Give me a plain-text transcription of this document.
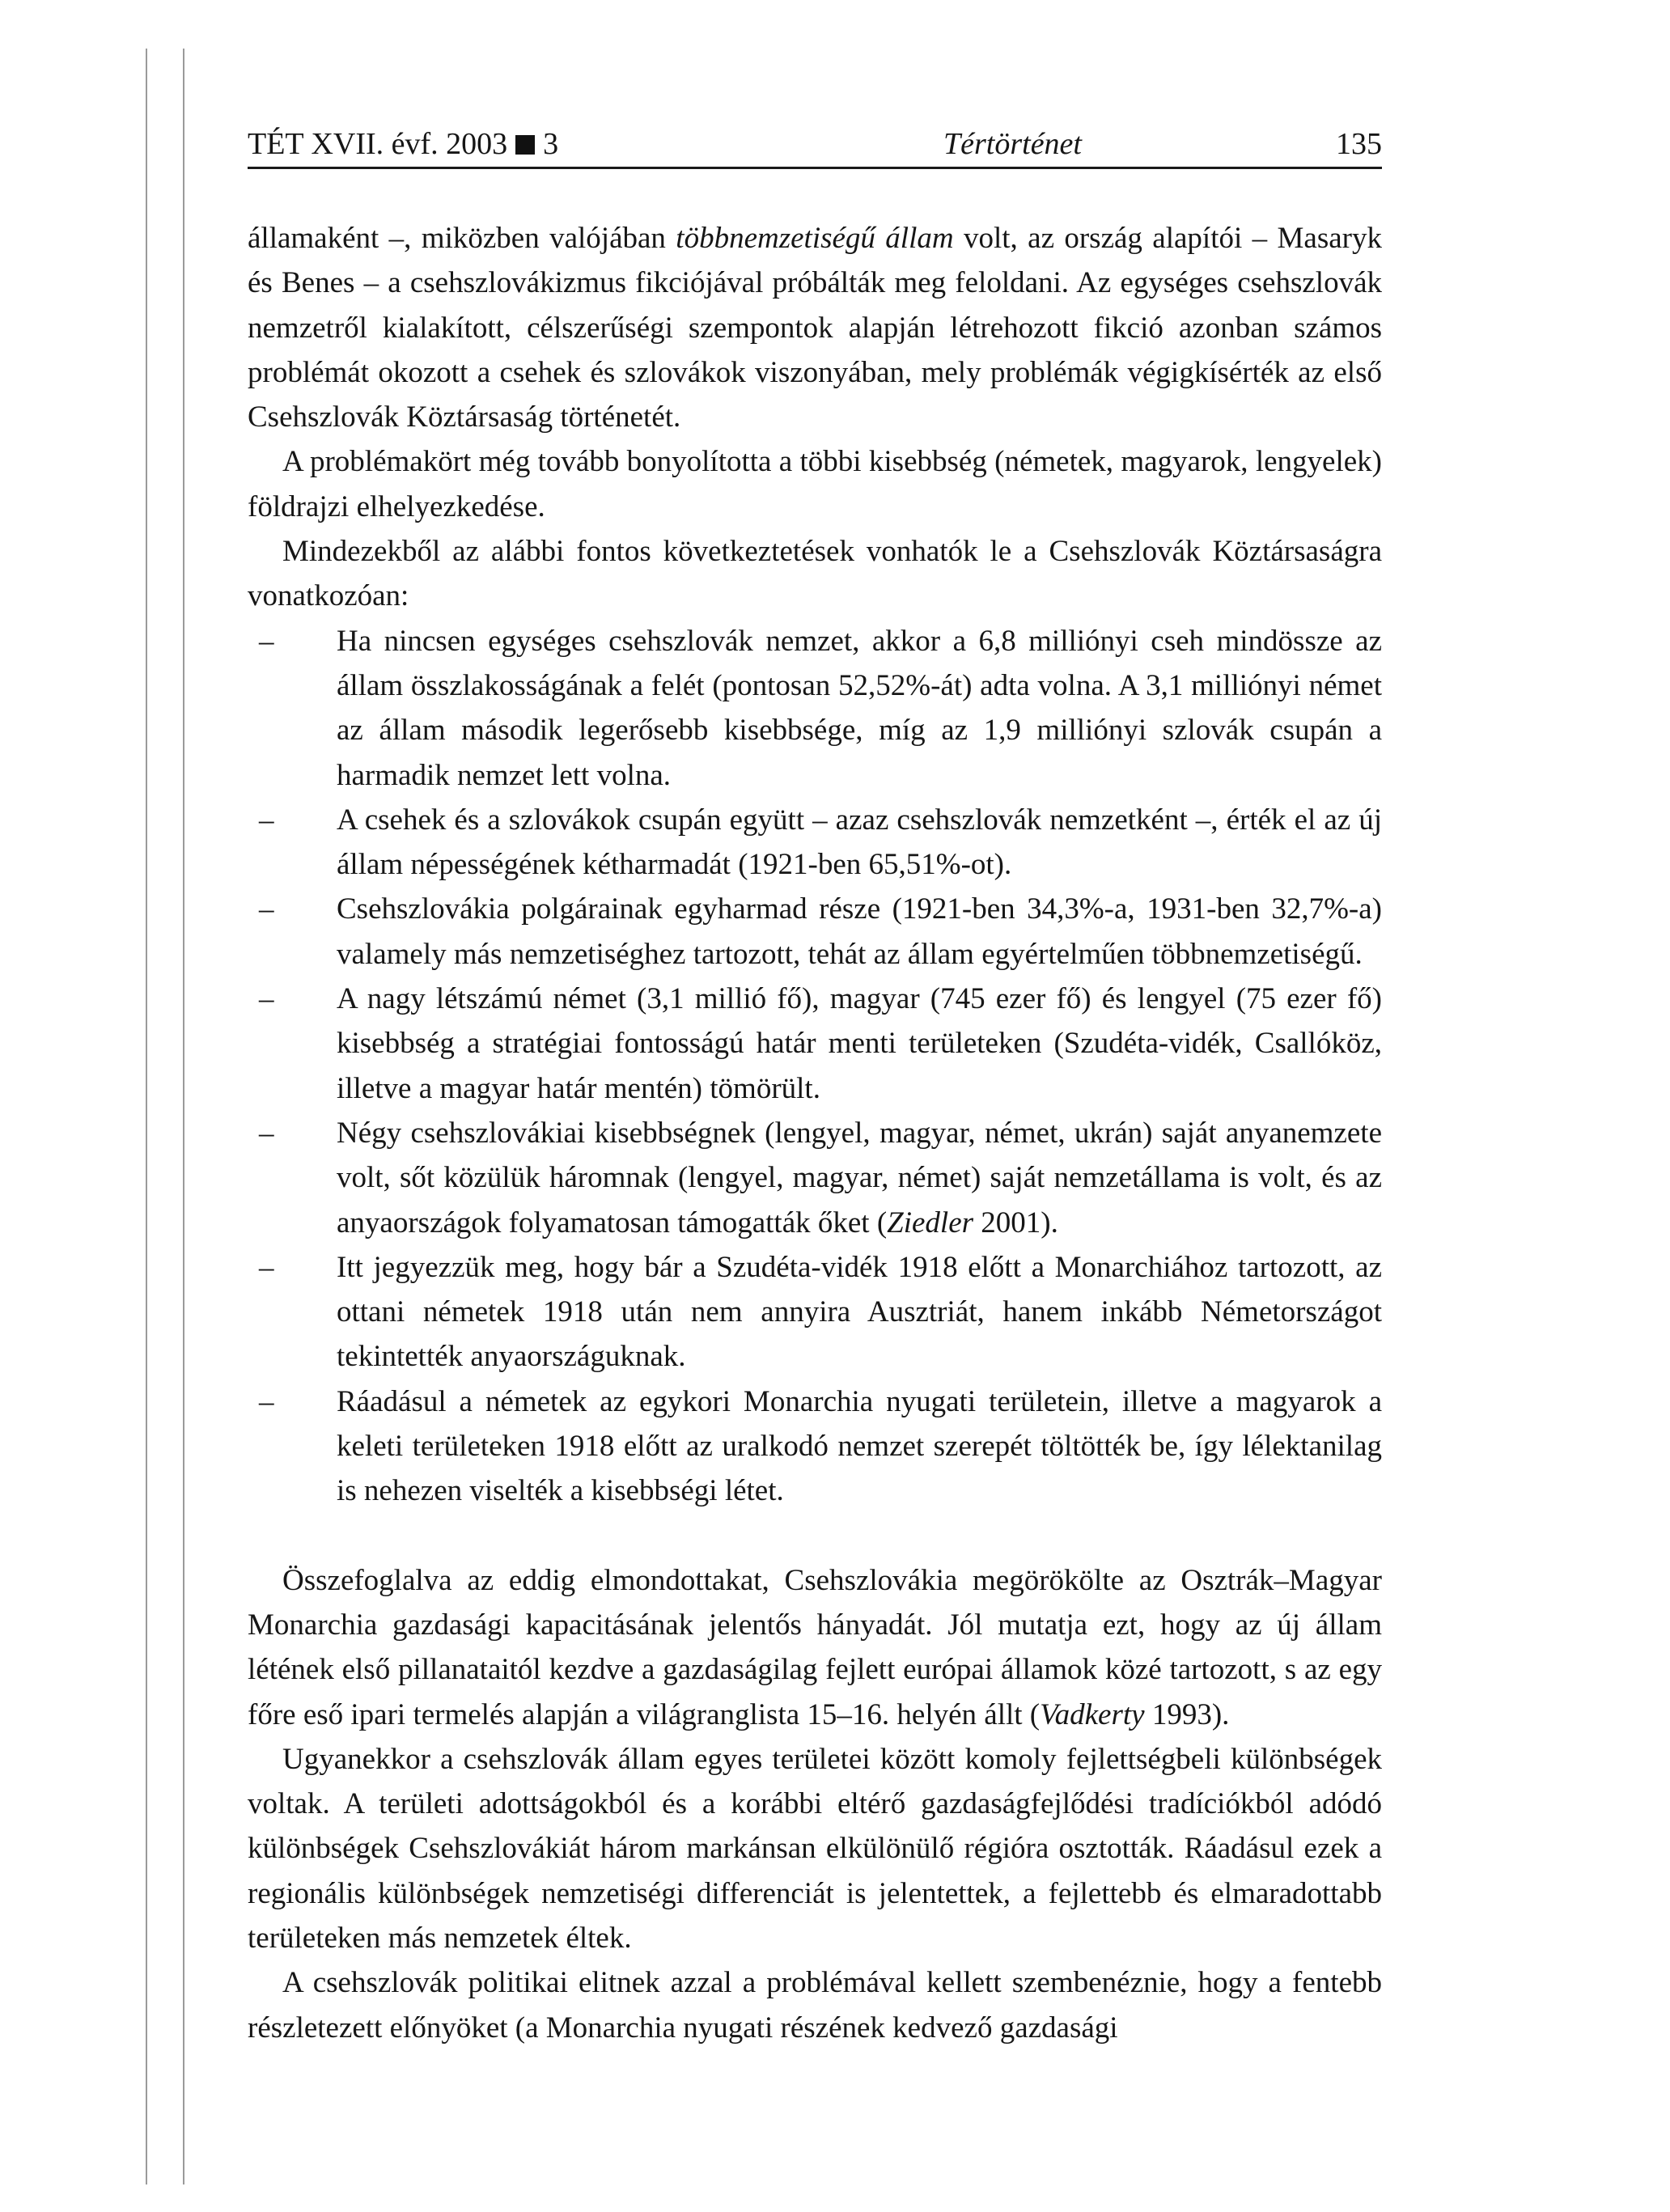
TÉT XVII. évf. 2003 3	Tértörténet	135

államaként –, miközben valójában többnemzetiségű állam volt, az ország alapítói – Masaryk és Benes – a csehszlovákizmus fikciójával próbálták meg feloldani. Az egységes csehszlovák nemzetről kialakított, célszerűségi szempontok alapján létrehozott fikció azonban számos problémát okozott a csehek és szlovákok viszonyában, mely problémák végigkísérték az első Csehszlovák Köztársaság történetét.

A problémakört még tovább bonyolította a többi kisebbség (németek, magyarok, lengyelek) földrajzi elhelyezkedése.

Mindezekből az alábbi fontos következtetések vonhatók le a Csehszlovák Köztársaságra vonatkozóan:

– Ha nincsen egységes csehszlovák nemzet, akkor a 6,8 milliónyi cseh mindössze az állam összlakosságának a felét (pontosan 52,52%-át) adta volna. A 3,1 milliónyi német az állam második legerősebb kisebbsége, míg az 1,9 milliónyi szlovák csupán a harmadik nemzet lett volna.
– A csehek és a szlovákok csupán együtt – azaz csehszlovák nemzetként –, érték el az új állam népességének kétharmadát (1921-ben 65,51%-ot).
– Csehszlovákia polgárainak egyharmad része (1921-ben 34,3%-a, 1931-ben 32,7%-a) valamely más nemzetiséghez tartozott, tehát az állam egyértelműen többnemzetiségű.
– A nagy létszámú német (3,1 millió fő), magyar (745 ezer fő) és lengyel (75 ezer fő) kisebbség a stratégiai fontosságú határ menti területeken (Szudéta-vidék, Csallóköz, illetve a magyar határ mentén) tömörült.
– Négy csehszlovákiai kisebbségnek (lengyel, magyar, német, ukrán) saját anyanemzete volt, sőt közülük háromnak (lengyel, magyar, német) saját nemzetállama is volt, és az anyaországok folyamatosan támogatták őket (Ziedler 2001).
– Itt jegyezzük meg, hogy bár a Szudéta-vidék 1918 előtt a Monarchiához tartozott, az ottani németek 1918 után nem annyira Ausztriát, hanem inkább Németországot tekintették anyaországuknak.
– Ráadásul a németek az egykori Monarchia nyugati területein, illetve a magyarok a keleti területeken 1918 előtt az uralkodó nemzet szerepét töltötték be, így lélektanilag is nehezen viselték a kisebbségi létet.

Összefoglalva az eddig elmondottakat, Csehszlovákia megörökölte az Osztrák–Magyar Monarchia gazdasági kapacitásának jelentős hányadát. Jól mutatja ezt, hogy az új állam létének első pillanataitól kezdve a gazdaságilag fejlett európai államok közé tartozott, s az egy főre eső ipari termelés alapján a világranglista 15–16. helyén állt (Vadkerty 1993).

Ugyanekkor a csehszlovák állam egyes területei között komoly fejlettségbeli különbségek voltak. A területi adottságokból és a korábbi eltérő gazdaságfejlődési tradíciókból adódó különbségek Csehszlovákiát három markánsan elkülönülő régióra osztották. Ráadásul ezek a regionális különbségek nemzetiségi differenciát is jelentettek, a fejlettebb és elmaradottabb területeken más nemzetek éltek.

A csehszlovák politikai elitnek azzal a problémával kellett szembenéznie, hogy a fentebb részletezett előnyöket (a Monarchia nyugati részének kedvező gazdasági
